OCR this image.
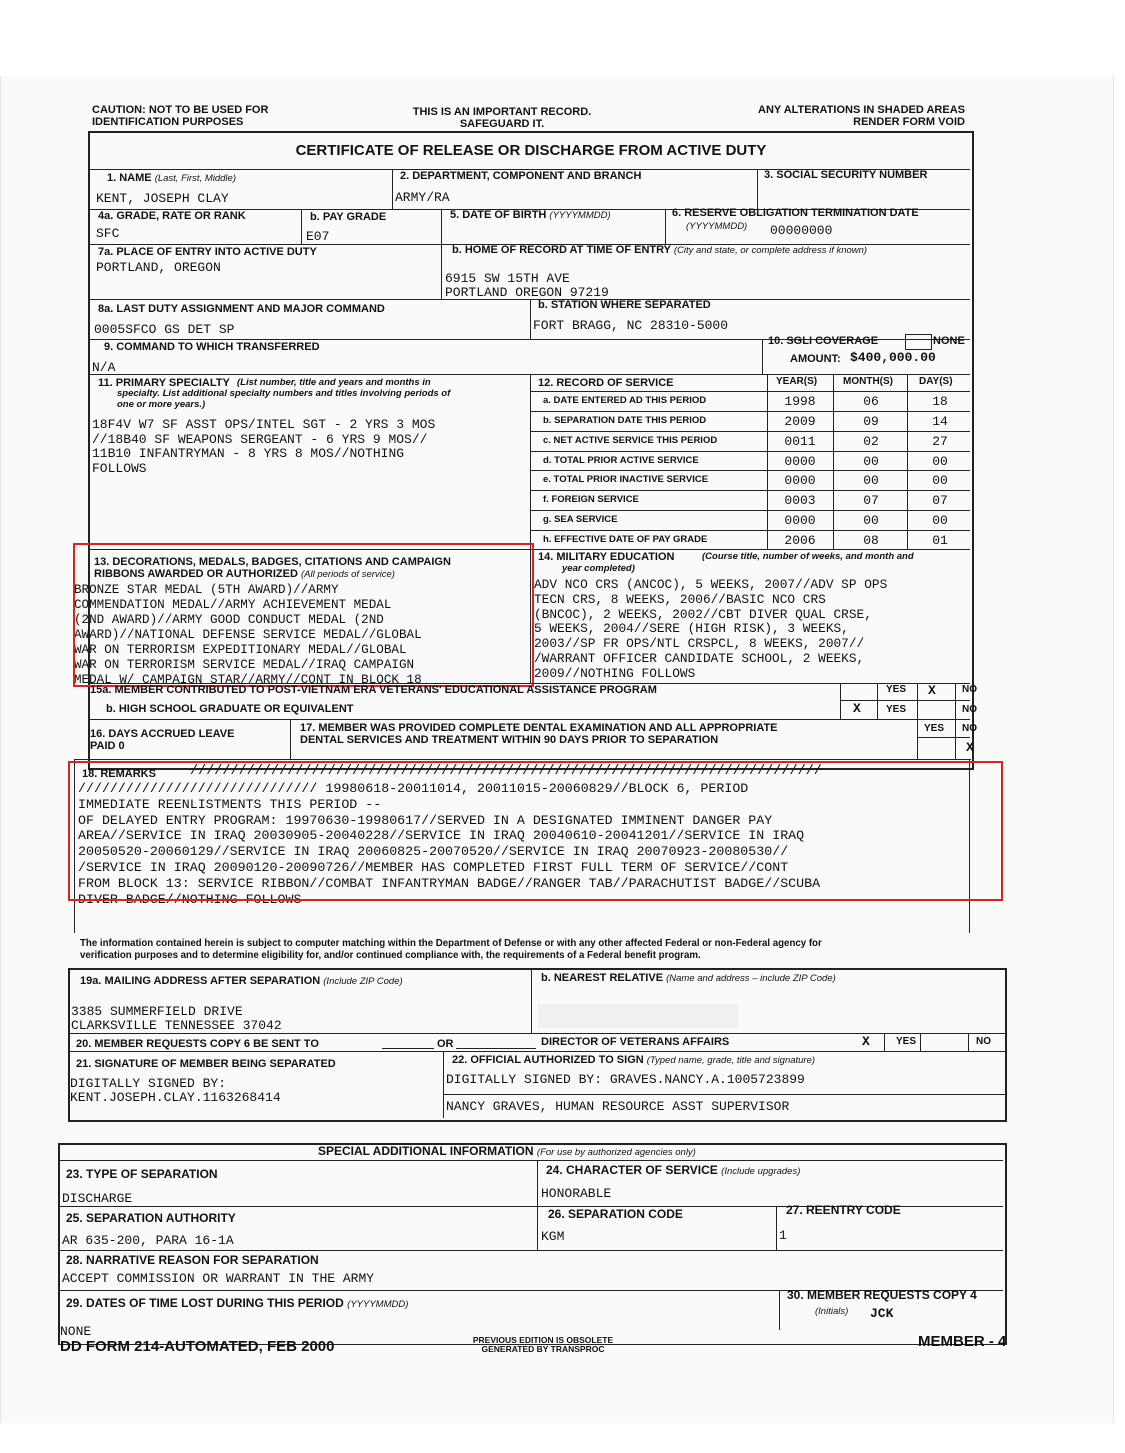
CAUTION: NOT TO BE USED FOR
IDENTIFICATION PURPOSES
THIS IS AN IMPORTANT RECORD.
SAFEGUARD IT.
ANY ALTERATIONS IN SHADED AREAS
RENDER FORM VOID
CERTIFICATE OF RELEASE OR DISCHARGE FROM ACTIVE DUTY
1. NAME (Last, First, Middle)
KENT, JOSEPH CLAY
2. DEPARTMENT, COMPONENT AND BRANCH
ARMY/RA
3. SOCIAL SECURITY NUMBER
4a. GRADE, RATE OR RANK
SFC
b. PAY GRADE
E07
5. DATE OF BIRTH (YYYYMMDD)	6. RESERVE OBLIGATION TERMINATION DATE
(YYYYMMDD) 00000000
7a. PLACE OF ENTRY INTO ACTIVE DUTY
PORTLAND, OREGON
b. HOME OF RECORD AT TIME OF ENTRY (City and state, or complete address if known)
6915 SW 15TH AVE
PORTLAND OREGON 97219
8a. LAST DUTY ASSIGNMENT AND MAJOR COMMAND
0005SFCO GS DET SP
b. STATION WHERE SEPARATED
FORT BRAGG, NC 28310-5000
9. COMMAND TO WHICH TRANSFERRED
N/A
10. SGLI COVERAGE	NONE
AMOUNT: $400,000.00
11. PRIMARY SPECIALTY (List number, title and years and months in
specialty. List additional specialty numbers and titles involving periods of
one or more years.)
18F4V W7 SF ASST OPS/INTEL SGT - 2 YRS 3 MOS
//18B40 SF WEAPONS SERGEANT - 6 YRS 9 MOS//
11B10 INFANTRYMAN - 8 YRS 8 MOS//NOTHING
FOLLOWS
12. RECORD OF SERVICE	YEAR(S)	MONTH(S)	DAY(S)
a. DATE ENTERED AD THIS PERIOD	1998	06	18
b. SEPARATION DATE THIS PERIOD	2009	09	14
c. NET ACTIVE SERVICE THIS PERIOD	0011	02	27
d. TOTAL PRIOR ACTIVE SERVICE	0000	00	00
e. TOTAL PRIOR INACTIVE SERVICE	0000	00	00
f. FOREIGN SERVICE	0003	07	07
g. SEA SERVICE	0000	00	00
h. EFFECTIVE DATE OF PAY GRADE	2006	08	01
13. DECORATIONS, MEDALS, BADGES, CITATIONS AND CAMPAIGN
RIBBONS AWARDED OR AUTHORIZED (All periods of service)
BRONZE STAR MEDAL (5TH AWARD)//ARMY
COMMENDATION MEDAL//ARMY ACHIEVEMENT MEDAL
(2ND AWARD)//ARMY GOOD CONDUCT MEDAL (2ND
AWARD)//NATIONAL DEFENSE SERVICE MEDAL//GLOBAL
WAR ON TERRORISM EXPEDITIONARY MEDAL//GLOBAL
WAR ON TERRORISM SERVICE MEDAL//IRAQ CAMPAIGN
MEDAL W/ CAMPAIGN STAR//ARMY//CONT IN BLOCK 18
14. MILITARY EDUCATION	(Course title, number of weeks, and month and
year completed)
ADV NCO CRS (ANCOC), 5 WEEKS, 2007//ADV SP OPS
TECN CRS, 8 WEEKS, 2006//BASIC NCO CRS
(BNCOC), 2 WEEKS, 2002//CBT DIVER QUAL CRSE,
5 WEEKS, 2004//SERE (HIGH RISK), 3 WEEKS,
2003//SP FR OPS/NTL CRSPCL, 8 WEEKS, 2007//
/WARRANT OFFICER CANDIDATE SCHOOL, 2 WEEKS,
2009//NOTHING FOLLOWS
15a. MEMBER CONTRIBUTED TO POST-VIETNAM ERA VETERANS' EDUCATIONAL ASSISTANCE PROGRAM
b. HIGH SCHOOL GRADUATE OR EQUIVALENT
YES X	NO
X	YES	NO
16. DAYS ACCRUED LEAVE
PAID 0
17. MEMBER WAS PROVIDED COMPLETE DENTAL EXAMINATION AND ALL APPROPRIATE
DENTAL SERVICES AND TREATMENT WITHIN 90 DAYS PRIOR TO SEPARATION
YES NO
X
18. REMARKS	//////////////////////////////////////////////////////////////////////////////
////////////////////////////// 19980618-20011014, 20011015-20060829//BLOCK 6, PERIOD
IMMEDIATE REENLISTMENTS THIS PERIOD --
OF DELAYED ENTRY PROGRAM: 19970630-19980617//SERVED IN A DESIGNATED IMMINENT DANGER PAY
AREA//SERVICE IN IRAQ 20030905-20040228//SERVICE IN IRAQ 20040610-20041201//SERVICE IN IRAQ
20050520-20060129//SERVICE IN IRAQ 20060825-20070520//SERVICE IN IRAQ 20070923-20080530//
/SERVICE IN IRAQ 20090120-20090726//MEMBER HAS COMPLETED FIRST FULL TERM OF SERVICE//CONT
FROM BLOCK 13: SERVICE RIBBON//COMBAT INFANTRYMAN BADGE//RANGER TAB//PARACHUTIST BADGE//SCUBA
DIVER BADGE//NOTHING FOLLOWS
The information contained herein is subject to computer matching within the Department of Defense or with any other affected Federal or non-Federal agency for
verification purposes and to determine eligibility for, and/or continued compliance with, the requirements of a Federal benefit program.
19a. MAILING ADDRESS AFTER SEPARATION (Include ZIP Code)
3385 SUMMERFIELD DRIVE
CLARKSVILLE TENNESSEE 37042
b. NEAREST RELATIVE (Name and address – include ZIP Code)
20. MEMBER REQUESTS COPY 6 BE SENT TO	OR	DIRECTOR OF VETERANS AFFAIRS	X	YES	NO
21. SIGNATURE OF MEMBER BEING SEPARATED
DIGITALLY SIGNED BY:
KENT.JOSEPH.CLAY.1163268414
22. OFFICIAL AUTHORIZED TO SIGN (Typed name, grade, title and signature)
DIGITALLY SIGNED BY: GRAVES.NANCY.A.1005723899
NANCY GRAVES, HUMAN RESOURCE ASST SUPERVISOR
SPECIAL ADDITIONAL INFORMATION (For use by authorized agencies only)
23. TYPE OF SEPARATION
DISCHARGE
24. CHARACTER OF SERVICE (Include upgrades)
HONORABLE
25. SEPARATION AUTHORITY
AR 635-200, PARA 16-1A
26. SEPARATION CODE
KGM
27. REENTRY CODE
1
28. NARRATIVE REASON FOR SEPARATION
ACCEPT COMMISSION OR WARRANT IN THE ARMY
29. DATES OF TIME LOST DURING THIS PERIOD (YYYYMMDD)
NONE
30. MEMBER REQUESTS COPY 4
(Initials) JCK
DD FORM 214-AUTOMATED, FEB 2000	PREVIOUS EDITION IS OBSOLETE
GENERATED BY TRANSPROC	MEMBER - 4
